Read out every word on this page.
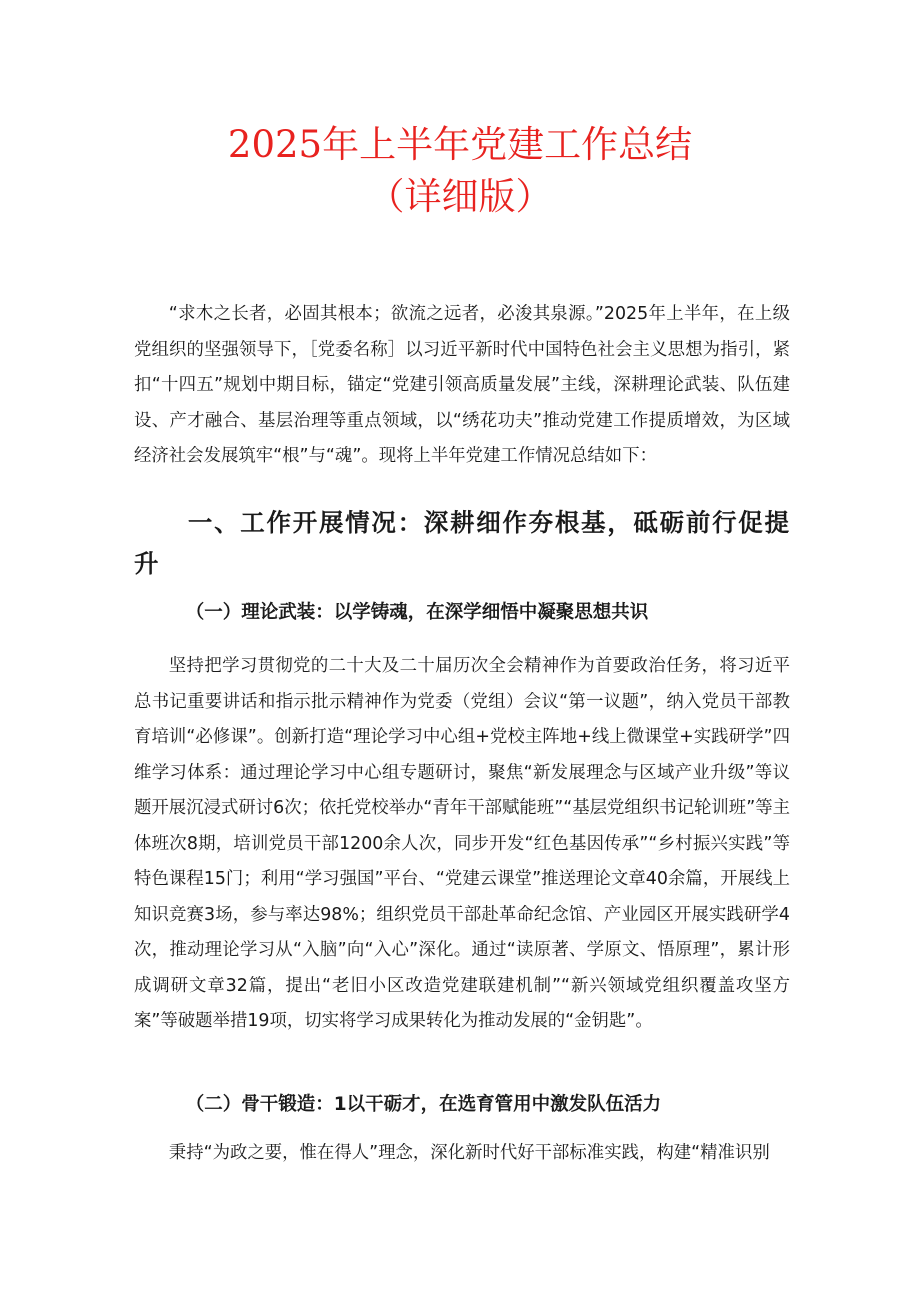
2025年上半年党建工作总结
（详细版）

“求木之长者，必固其根本；欲流之远者，必浚其泉源。”2025年上半年，在上级党组织的坚强领导下，［党委名称］以习近平新时代中国特色社会主义思想为指引，紧扣“十四五”规划中期目标，锚定“党建引领高质量发展”主线，深耕理论武装、队伍建设、产才融合、基层治理等重点领域，以“绣花功夫”推动党建工作提质增效，为区域经济社会发展筑牢“根”与“魂”。现将上半年党建工作情况总结如下：

一、工作开展情况：深耕细作夯根基，砥砺前行促提升
（一）理论武装：以学铸魂，在深学细悟中凝聚思想共识

坚持把学习贯彻党的二十大及二十届历次全会精神作为首要政治任务，将习近平总书记重要讲话和指示批示精神作为党委（党组）会议“第一议题”，纳入党员干部教育培训“必修课”。创新打造“理论学习中心组+党校主阵地+线上微课堂+实践研学”四维学习体系：通过理论学习中心组专题研讨，聚焦“新发展理念与区域产业升级”等议题开展沉浸式研讨6次；依托党校举办“青年干部赋能班”“基层党组织书记轮训班”等主体班次8期，培训党员干部1200余人次，同步开发“红色基因传承”“乡村振兴实践”等特色课程15门；利用“学习强国”平台、“党建云课堂”推送理论文章40余篇，开展线上知识竞赛3场，参与率达98%；组织党员干部赴革命纪念馆、产业园区开展实践研学4次，推动理论学习从“入脑”向“入心”深化。通过“读原著、学原文、悟原理”，累计形成调研文章32篇，提出“老旧小区改造党建联建机制”“新兴领域党组织覆盖攻坚方案”等破题举措19项，切实将学习成果转化为推动发展的“金钥匙”。

（二）骨干锻造：1以干砺才，在选育管用中激发队伍活力

秉持“为政之要，惟在得人”理念，深化新时代好干部标准实践，构建“精准识别
